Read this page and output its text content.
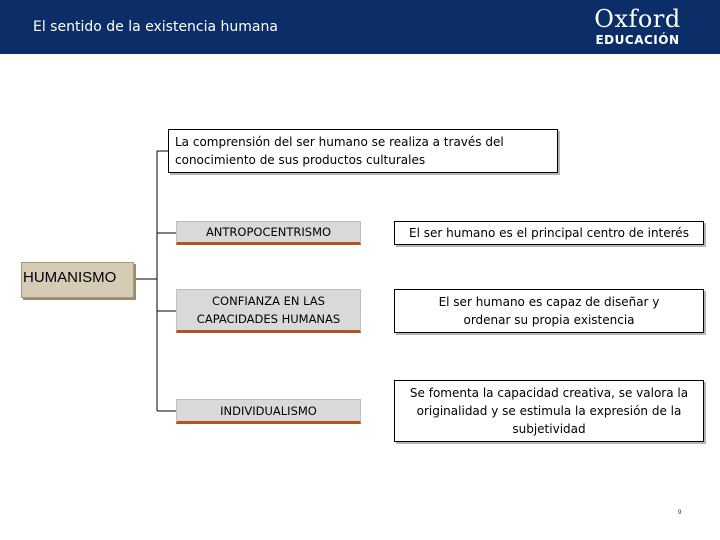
El sentido de la existencia humana	Oxford
EDUCACIÓN
HUMANISMO
La comprensión del ser humano se realiza a través del conocimiento de sus productos culturales
ANTROPOCENTRISMO	El ser humano es el principal centro de interés
CONFIANZA EN LAS CAPACIDADES HUMANAS
El ser humano es capaz de diseñar y ordenar su propia existencia
INDIVIDUALISMO
Se fomenta la capacidad creativa, se valora la originalidad y se estimula la expresión de la subjetividad
9
